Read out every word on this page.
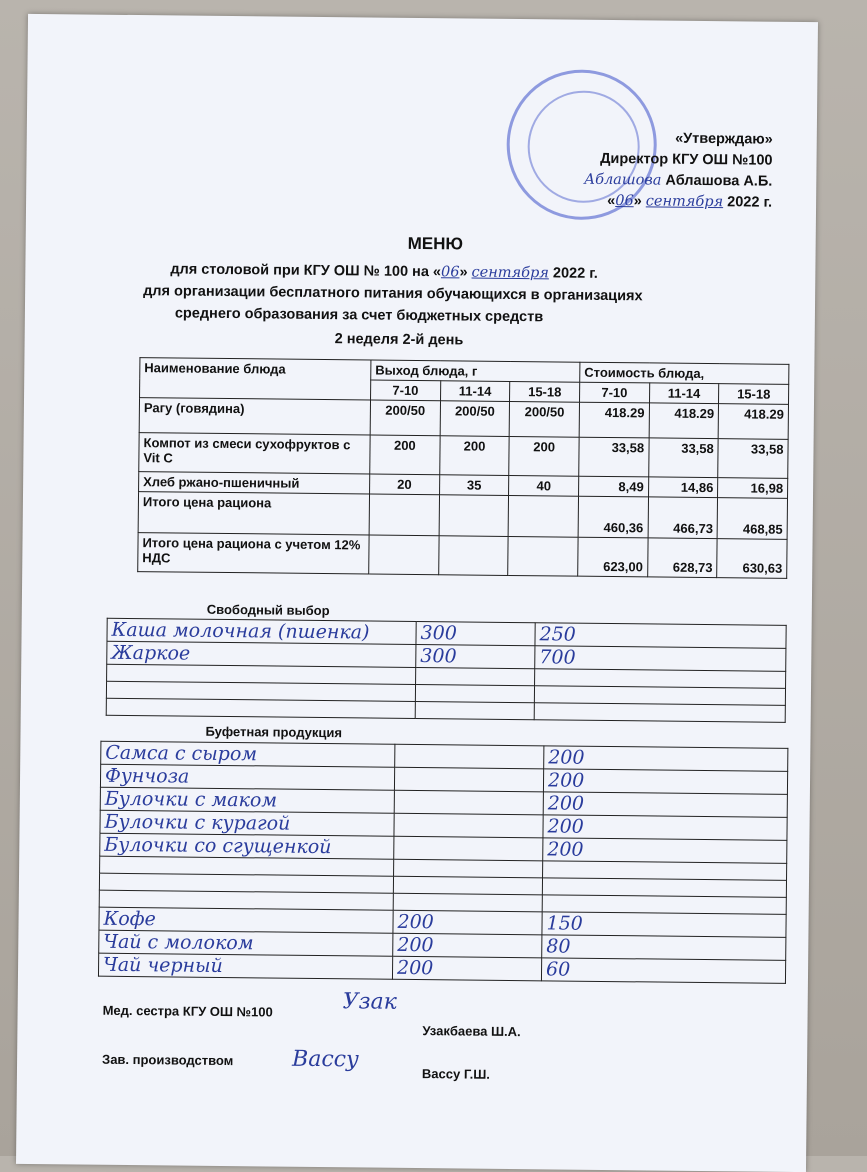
«Утверждаю»
Директор КГУ ОШ №100
Аблашова Аблашова А.Б.
«06» сентября 2022 г.
МЕНЮ
для столовой при КГУ ОШ № 100 на «06» сентября 2022 г.
для организации бесплатного питания обучающихся в организациях
среднего образования за счет бюджетных средств
2 неделя 2-й день
Наименование блюда	Выход блюда, г			Стоимость блюда,		
	7-10	11-14	15-18	7-10	11-14	15-18
Рагу (говядина)	200/50	200/50	200/50	418.29	418.29	418.29
Компот из смеси сухофруктов с Vit C	200	200	200	33,58	33,58	33,58
Хлеб ржано-пшеничный	20	35	40	8,49	14,86	16,98
Итого цена рациона				460,36	466,73	468,85
Итого цена рациона с учетом 12% НДС				623,00	628,73	630,63
Свободный выбор
Каша молочная (пшенка)	300	250
Жаркое	300	700

Буфетная продукция
Самса с сыром		200
Фунчоза		200
Булочки с маком		200
Булочки с курагой		200
Булочки со сгущенкой		200

Кофе	200	150
Чай с молоком	200	80
Чай черный	200	60
Мед. сестра КГУ ОШ №100	Узак
Узакбаева Ш.А.
Зав. производством	Вассу
Вассу Г.Ш.
